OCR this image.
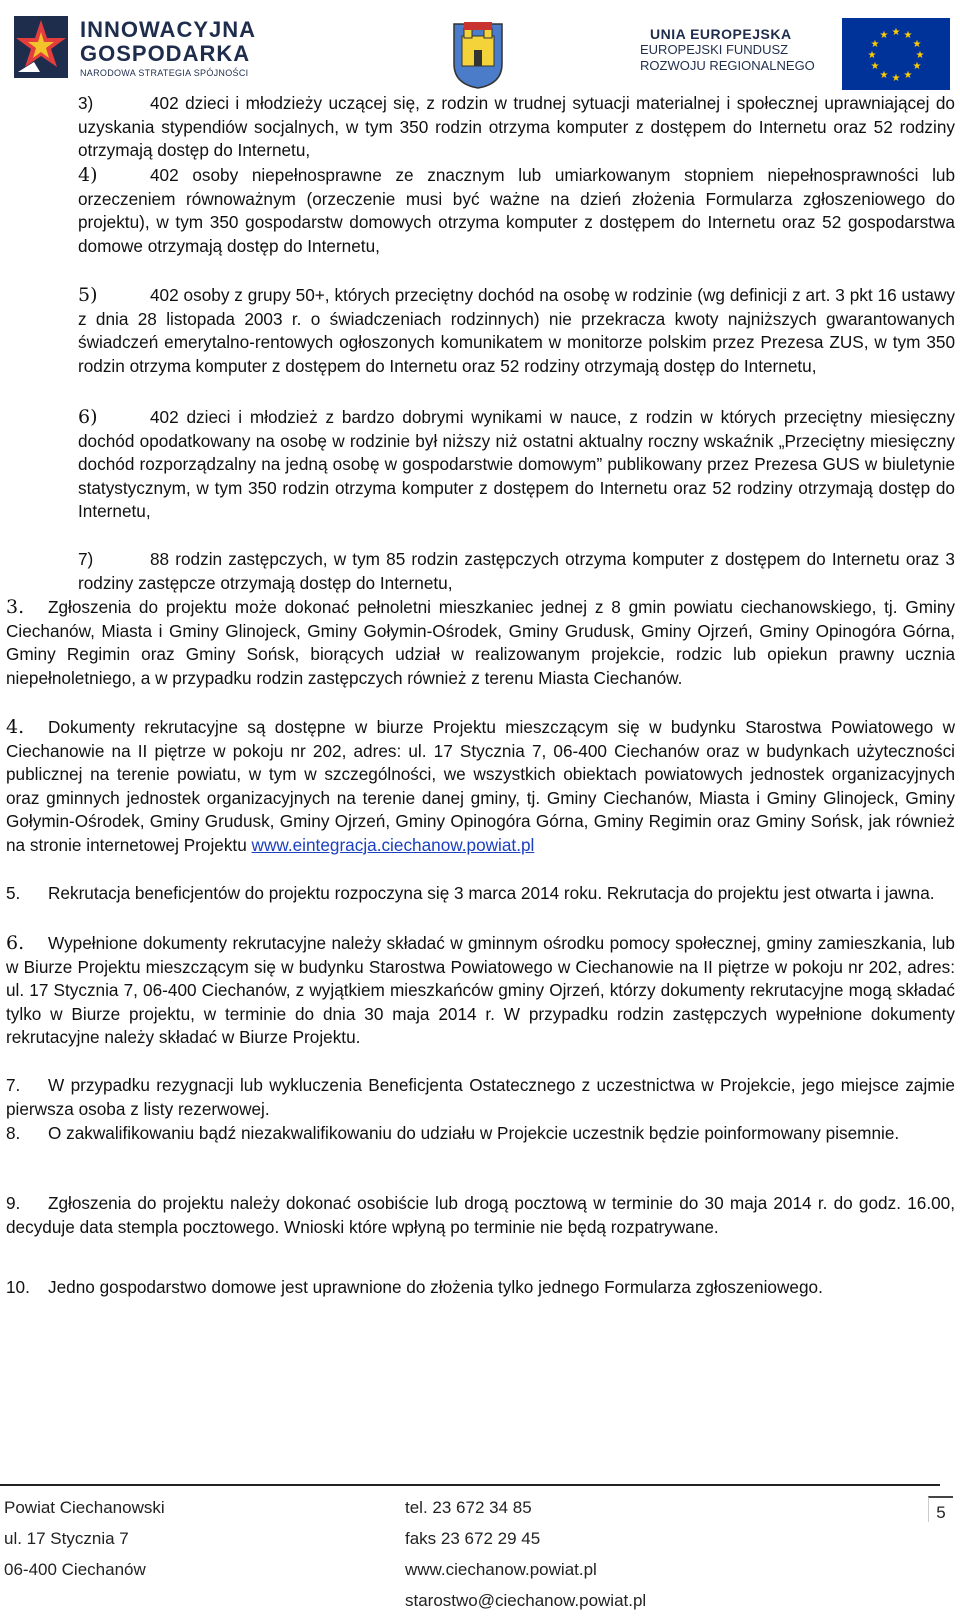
INNOWACYJNA
GOSPODARKA
NARODOWA STRATEGIA SPÓJNOŚCI
UNIA EUROPEJSKA
EUROPEJSKI FUNDUSZ
ROZWOJU REGIONALNEGO
★ ★
★
★
★
★
★
★
★
★
★
★
3)	402 dzieci i młodzieży uczącej się, z rodzin w trudnej sytuacji materialnej i społecznej uprawniającej do uzyskania stypendiów socjalnych, w tym 350 rodzin otrzyma komputer z dostępem do Internetu oraz 52 rodziny otrzymają dostęp do Internetu,

4)	402 osoby niepełnosprawne ze znacznym lub umiarkowanym stopniem niepełnosprawności lub orzeczeniem równoważnym (orzeczenie musi być ważne na dzień złożenia Formularza zgłoszeniowego do projektu), w tym 350 gospodarstw domowych otrzyma komputer z dostępem do Internetu oraz 52 gospodarstwa domowe otrzymają dostęp do Internetu,

5)	402 osoby z grupy 50+, których przeciętny dochód na osobę w rodzinie (wg definicji z art. 3 pkt 16 ustawy z dnia 28 listopada 2003 r. o świadczeniach rodzinnych) nie przekracza kwoty najniższych gwarantowanych świadczeń emerytalno-rentowych ogłoszonych komunikatem w monitorze polskim przez Prezesa ZUS, w tym 350 rodzin otrzyma komputer z dostępem do Internetu oraz 52 rodziny otrzymają dostęp do Internetu,

6)	402 dzieci i młodzież z bardzo dobrymi wynikami w nauce, z rodzin w których przeciętny miesięczny dochód opodatkowany na osobę w rodzinie był niższy niż ostatni aktualny roczny wskaźnik „Przeciętny miesięczny dochód rozporządzalny na jedną osobę w gospodarstwie domowym” publikowany przez Prezesa GUS w biuletynie statystycznym, w tym 350 rodzin otrzyma komputer z dostępem do Internetu oraz 52 rodziny otrzymają dostęp do Internetu,

7)	88 rodzin zastępczych, w tym 85 rodzin zastępczych otrzyma komputer z dostępem do Internetu oraz 3 rodziny zastępcze otrzymają dostęp do Internetu,

3.	Zgłoszenia do projektu może dokonać pełnoletni mieszkaniec jednej z 8 gmin powiatu ciechanowskiego, tj. Gminy Ciechanów, Miasta i Gminy Glinojeck, Gminy Gołymin-Ośrodek, Gminy Grudusk, Gminy Ojrzeń, Gminy Opinogóra Górna, Gminy Regimin oraz Gminy Sońsk, biorących udział w realizowanym projekcie, rodzic lub opiekun prawny ucznia niepełnoletniego, a w przypadku rodzin zastępczych również z terenu Miasta Ciechanów.

4.	Dokumenty rekrutacyjne są dostępne w biurze Projektu mieszczącym się w budynku Starostwa Powiatowego w Ciechanowie na II piętrze w pokoju nr 202, adres: ul. 17 Stycznia 7, 06-400 Ciechanów oraz w budynkach użyteczności publicznej na terenie powiatu, w tym w szczególności, we wszystkich obiektach powiatowych jednostek organizacyjnych oraz gminnych jednostek organizacyjnych na terenie danej gminy, tj. Gminy Ciechanów, Miasta i Gminy Glinojeck, Gminy Gołymin-Ośrodek, Gminy Grudusk, Gminy Ojrzeń, Gminy Opinogóra Górna, Gminy Regimin oraz Gminy Sońsk, jak również na stronie internetowej Projektu www.eintegracja.ciechanow.powiat.pl

5.	Rekrutacja beneficjentów do projektu rozpoczyna się 3 marca 2014 roku. Rekrutacja do projektu jest otwarta i jawna.

6.	Wypełnione dokumenty rekrutacyjne należy składać w gminnym ośrodku pomocy społecznej, gminy zamieszkania, lub w Biurze Projektu mieszczącym się w budynku Starostwa Powiatowego w Ciechanowie na II piętrze w pokoju nr 202, adres: ul. 17 Stycznia 7, 06-400 Ciechanów, z wyjątkiem mieszkańców gminy Ojrzeń, którzy dokumenty rekrutacyjne mogą składać tylko w Biurze projektu, w terminie do dnia 30 maja 2014 r. W przypadku rodzin zastępczych wypełnione dokumenty rekrutacyjne należy składać w Biurze Projektu.

7.	W przypadku rezygnacji lub wykluczenia Beneficjenta Ostatecznego z uczestnictwa w Projekcie, jego miejsce zajmie pierwsza osoba z listy rezerwowej.

8.	O zakwalifikowaniu bądź niezakwalifikowaniu do udziału w Projekcie uczestnik będzie poinformowany pisemnie.

9.	Zgłoszenia do projektu należy dokonać osobiście lub drogą pocztową w terminie do 30 maja 2014 r. do godz. 16.00, decyduje data stempla pocztowego. Wnioski które wpłyną po terminie nie będą rozpatrywane.

10.	Jedno gospodarstwo domowe jest uprawnione do złożenia tylko jednego Formularza zgłoszeniowego.

Powiat Ciechanowski
ul. 17 Stycznia 7
06-400 Ciechanów
tel. 23 672 34 85
faks 23 672 29 45
www.ciechanow.powiat.pl
starostwo@ciechanow.powiat.pl
5
